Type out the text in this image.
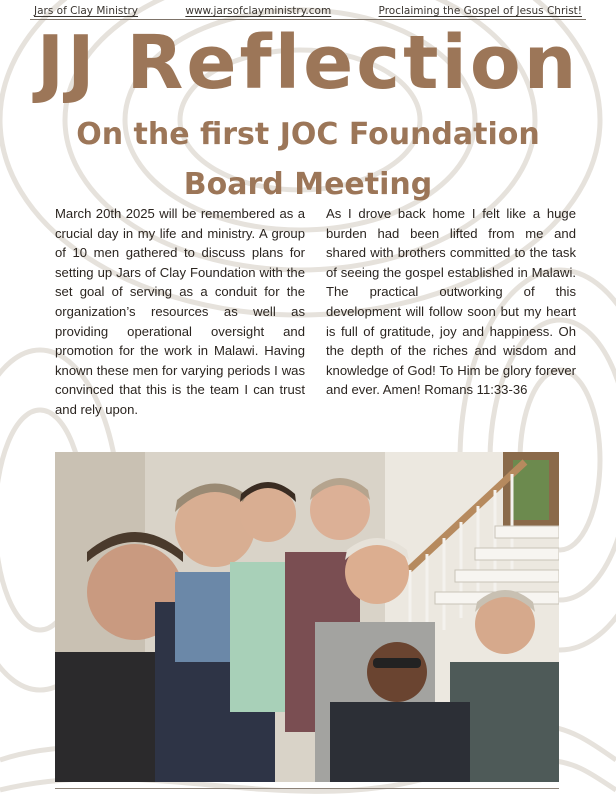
Jars of Clay Ministry	www.jarsofclayministry.com	Proclaiming the Gospel of Jesus Christ!
JJ Reflection
On the first JOC Foundation
Board Meeting

March 20th 2025 will be remembered as a crucial day in my life and ministry. A group of 10 men gathered to discuss plans for setting up Jars of Clay Foundation with the set goal of serving as a conduit for the organization’s resources as well as providing operational oversight and promotion for the work in Malawi. Having known these men for varying periods I was convinced that this is the team I can trust and rely upon.

As I drove back home I felt like a huge burden had been lifted from me and shared with brothers committed to the task of seeing the gospel established in Malawi. The practical outworking of this development will follow soon but my heart is full of gratitude, joy and happiness. Oh the depth of the riches and wisdom and knowledge of God! To Him be glory forever and ever. Amen! Romans 11:33-36
